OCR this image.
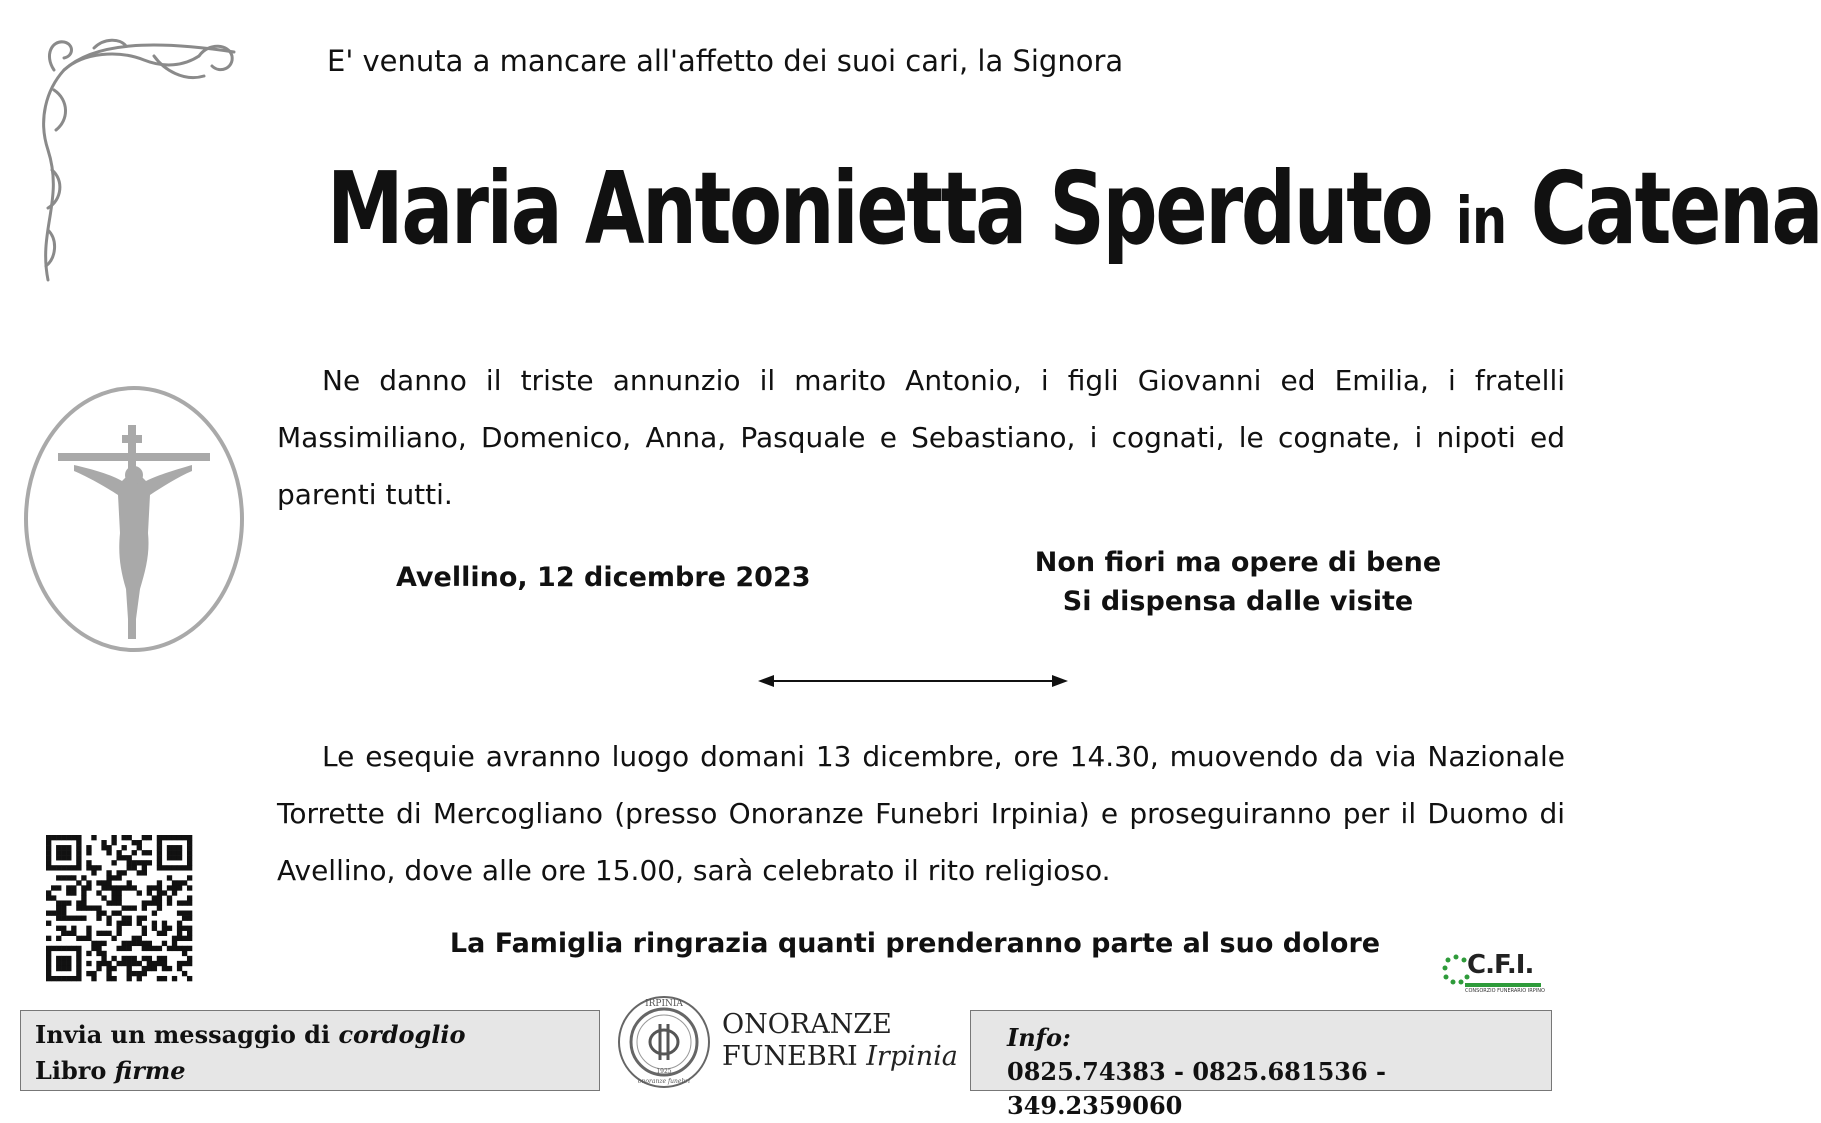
E' venuta a mancare all'affetto dei suoi cari, la Signora
Maria Antonietta Sperduto in Catena
Ne danno il triste annunzio il marito Antonio, i figli Giovanni ed Emilia, i fratelli Massimiliano, Domenico, Anna, Pasquale e Sebastiano, i cognati, le cognate, i nipoti ed parenti tutti.
Avellino, 12 dicembre 2023	Non fiori ma opere di bene
Si dispensa dalle visite
Le esequie avranno luogo domani 13 dicembre, ore 14.30, muovendo da via Nazionale Torrette di Mercogliano (presso Onoranze Funebri Irpinia) e proseguiranno per il Duomo di Avellino, dove alle ore 15.00, sarà celebrato il rito religioso.
La Famiglia ringrazia quanti prenderanno parte al suo dolore
C.F.I.
CONSORZIO FUNERARIO IRPINO
Invia un messaggio di cordoglio
Libro firme
IRPINIA
1925
onoranze funebri
ONORANZE
FUNEBRI Irpinia
Info:
0825.74383 - 0825.681536 - 349.2359060
